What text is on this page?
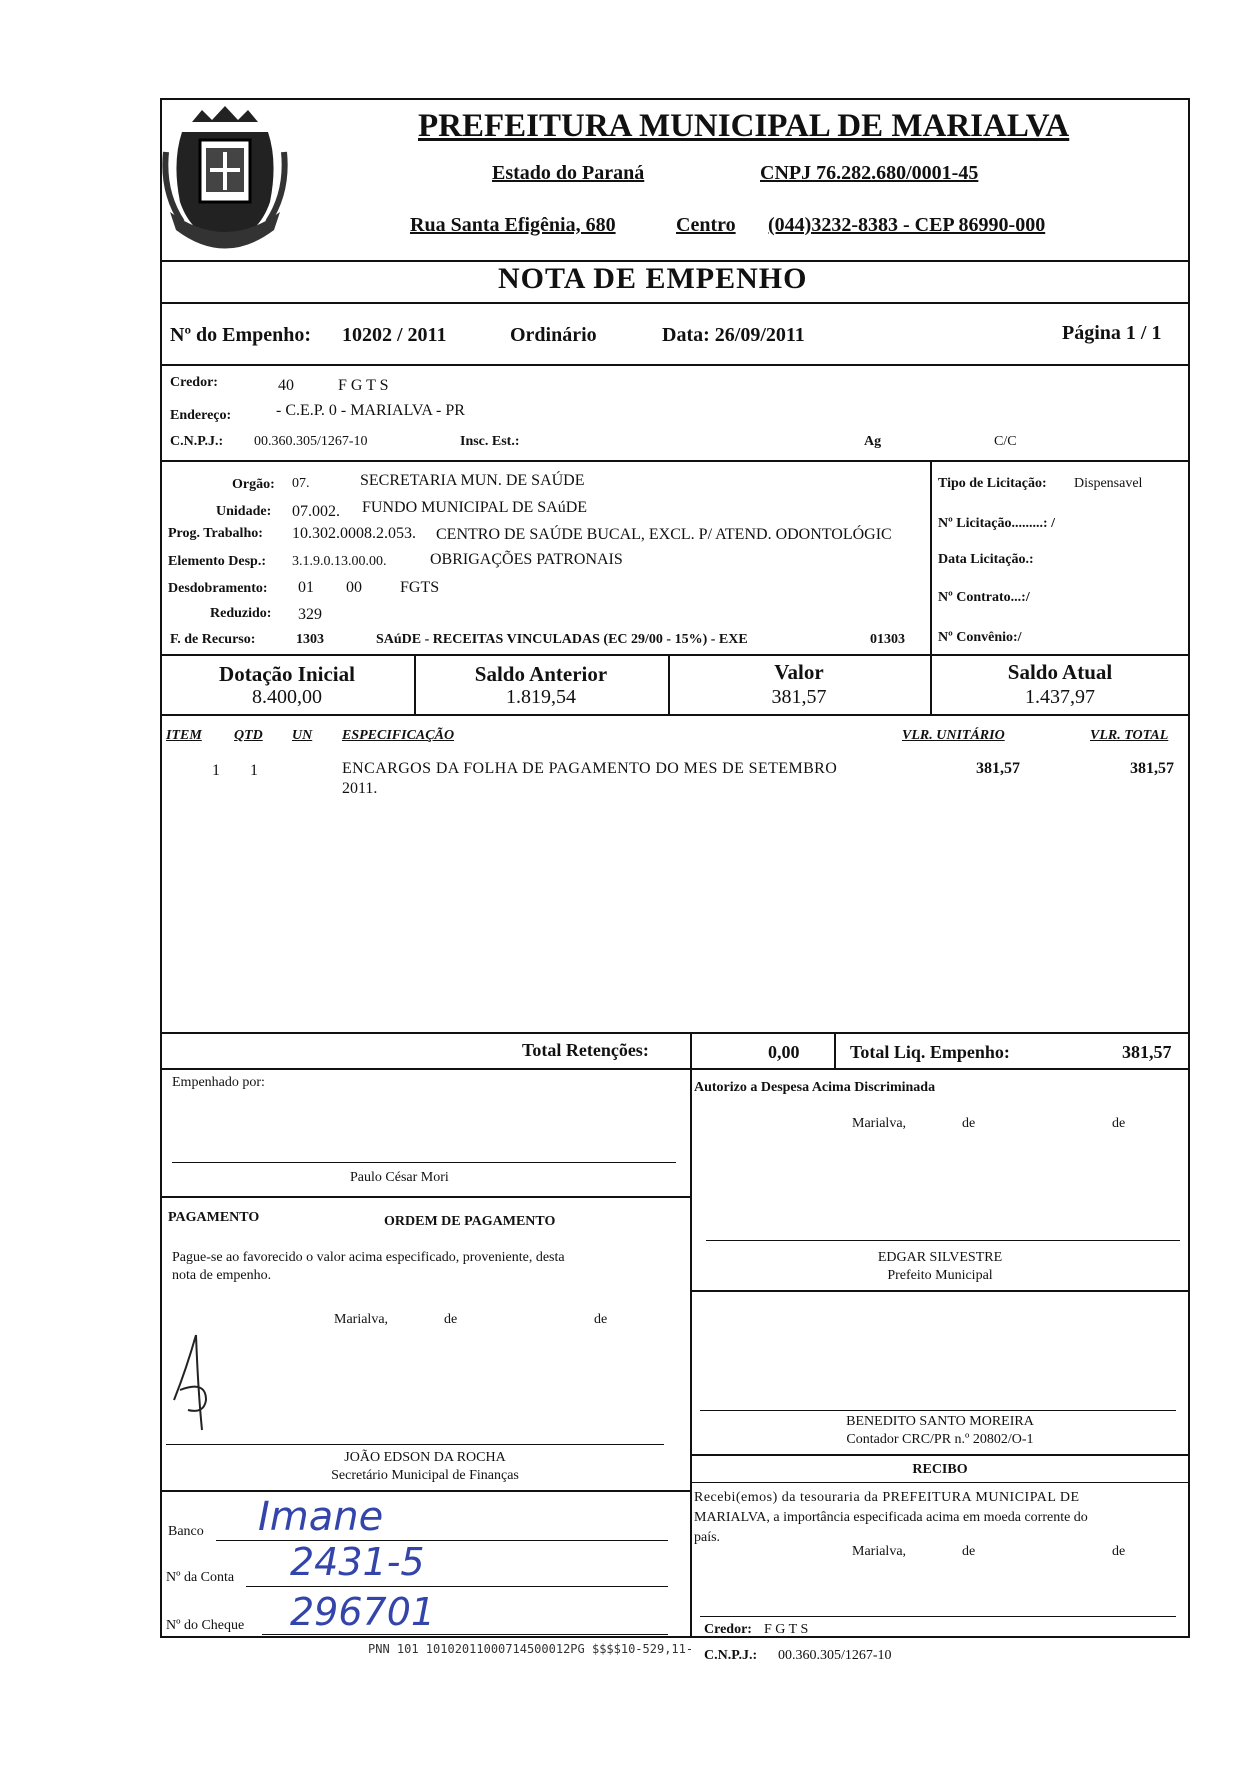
PREFEITURA MUNICIPAL DE MARIALVA
Estado do Paraná	CNPJ 76.282.680/0001-45
Rua Santa Efigênia, 680	Centro (044)3232-8383 - CEP 86990-000
NOTA DE EMPENHO
Nº do Empenho: 10202 / 2011	Ordinário	Data: 26/09/2011	Página 1 / 1
Credor:	40	F G T S
Endereço:	- C.E.P. 0 - MARIALVA - PR
C.N.P.J.: 00.360.305/1267-10	Insc. Est.:	Ag	C/C
Orgão: 07.	SECRETARIA MUN. DE SAÚDE
Unidade: 07.002. FUNDO MUNICIPAL DE SAúDE
Prog. Trabalho: 10.302.0008.2.053. CENTRO DE SAÚDE BUCAL, EXCL. P/ ATEND. ODONTOLÓGIC
Elemento Desp.: 3.1.9.0.13.00.00.	OBRIGAÇÕES PATRONAIS
Desdobramento: 01 00 FGTS
Reduzido: 329
F. de Recurso:	1303	SAúDE - RECEITAS VINCULADAS (EC 29/00 - 15%) - EXE	01303
Tipo de Licitação: Dispensavel
Nº Licitação.........: /
Data Licitação.:
Nº Contrato...:/
Nº Convênio:/
Dotação Inicial
8.400,00
Saldo Anterior
1.819,54
Valor
381,57
Saldo Atual
1.437,97
ITEM QTD UN ESPECIFICAÇÃO	VLR. UNITÁRIO	VLR. TOTAL
1 1	ENCARGOS DA FOLHA DE PAGAMENTO DO MES DE SETEMBRO
2011.
381,57	381,57
Total Retenções:	0,00	Total Liq. Empenho:	381,57
Empenhado por:
Paulo César Mori
Autorizo a Despesa Acima Discriminada
Marialva,	de	de
EDGAR SILVESTRE
Prefeito Municipal
PAGAMENTO	ORDEM DE PAGAMENTO
Pague-se ao favorecido o valor acima especificado, proveniente, desta
nota de empenho.
Marialva,	de	de
JOÃO EDSON DA ROCHA
Secretário Municipal de Finanças
Banco Imane
Nº da Conta 2431-5
Nº do Cheque 296701
BENEDITO SANTO MOREIRA
Contador CRC/PR n.º 20802/O-1
RECIBO
Recebi(emos) da tesouraria da PREFEITURA MUNICIPAL DE
MARIALVA, a importância especificada acima em moeda corrente do
país.
Marialva,	de	de
Credor: F G T S
C.N.P.J.: 00.360.305/1267-10
PNN 101 10102011000714500012PG $$$$10-529,11-
